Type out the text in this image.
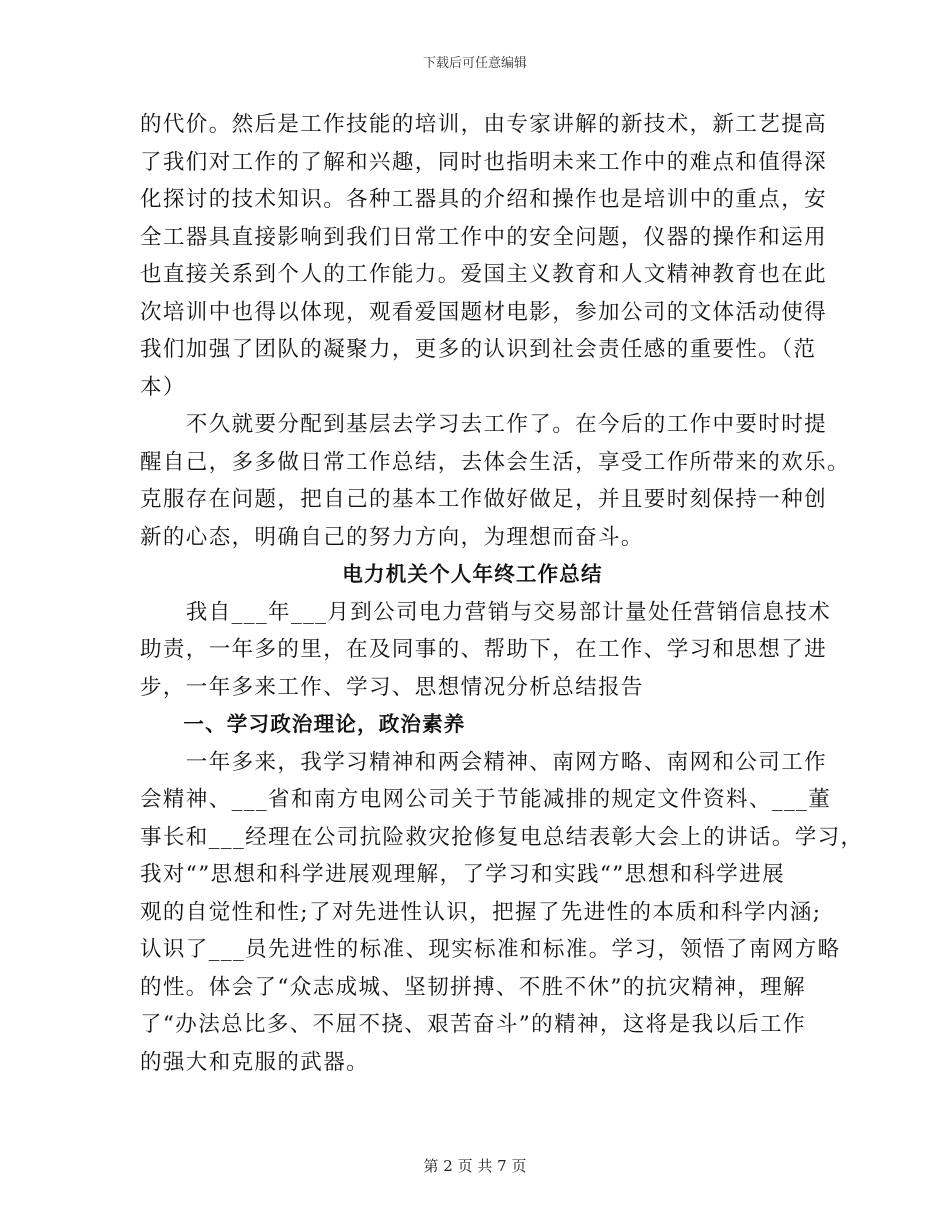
下载后可任意编辑
的代价。然后是工作技能的培训，由专家讲解的新技术，新工艺提高
了我们对工作的了解和兴趣，同时也指明未来工作中的难点和值得深
化探讨的技术知识。各种工器具的介绍和操作也是培训中的重点，安
全工器具直接影响到我们日常工作中的安全问题，仪器的操作和运用
也直接关系到个人的工作能力。爱国主义教育和人文精神教育也在此
次培训中也得以体现，观看爱国题材电影，参加公司的文体活动使得
我们加强了团队的凝聚力，更多的认识到社会责任感的重要性。（范
本）
　　不久就要分配到基层去学习去工作了。在今后的工作中要时时提
醒自己，多多做日常工作总结，去体会生活，享受工作所带来的欢乐。
克服存在问题，把自己的基本工作做好做足，并且要时刻保持一种创
新的心态，明确自己的努力方向，为理想而奋斗。
电力机关个人年终工作总结
　　我自___年___月到公司电力营销与交易部计量处任营销信息技术
助责，一年多的里，在及同事的、帮助下，在工作、学习和思想了进
步，一年多来工作、学习、思想情况分析总结报告
　　一、学习政治理论，政治素养
　　一年多来，我学习精神和两会精神、南网方略、南网和公司工作
会精神、___省和南方电网公司关于节能减排的规定文件资料、___董
事长和___经理在公司抗险救灾抢修复电总结表彰大会上的讲话。学习，
我对“”思想和科学进展观理解，了学习和实践“”思想和科学进展
观的自觉性和性;了对先进性认识，把握了先进性的本质和科学内涵;
认识了___员先进性的标准、现实标准和标准。学习，领悟了南网方略
的性。体会了“众志成城、坚韧拼搏、不胜不休”的抗灾精神，理解
了“办法总比多、不屈不挠、艰苦奋斗”的精神，这将是我以后工作
的强大和克服的武器。
第 2 页 共 7 页
